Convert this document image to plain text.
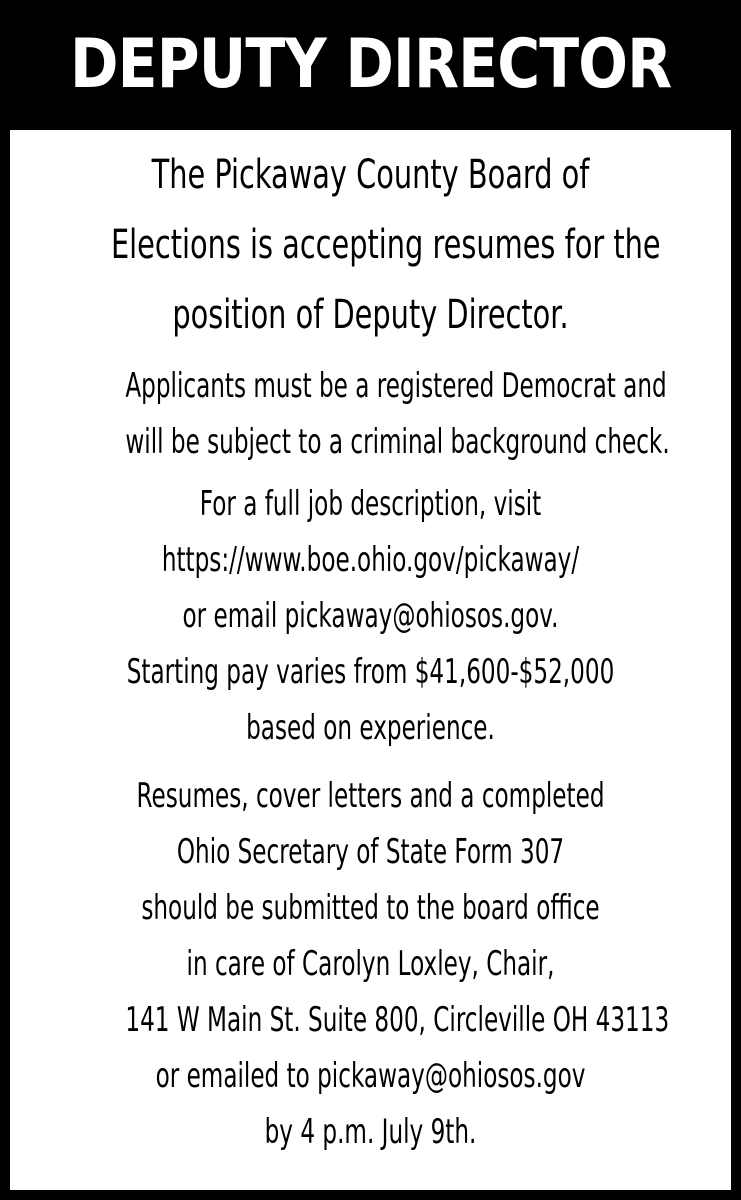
DEPUTY DIRECTOR
The Pickaway County Board of
Elections is accepting resumes for the
position of Deputy Director.
Applicants must be a registered Democrat and
will be subject to a criminal background check.
For a full job description, visit
https://www.boe.ohio.gov/pickaway/
or email pickaway@ohiosos.gov.
Starting pay varies from $41,600-$52,000
based on experience.
Resumes, cover letters and a completed
Ohio Secretary of State Form 307
should be submitted to the board office
in care of Carolyn Loxley, Chair,
141 W Main St. Suite 800, Circleville OH 43113
or emailed to pickaway@ohiosos.gov
by 4 p.m. July 9th.
